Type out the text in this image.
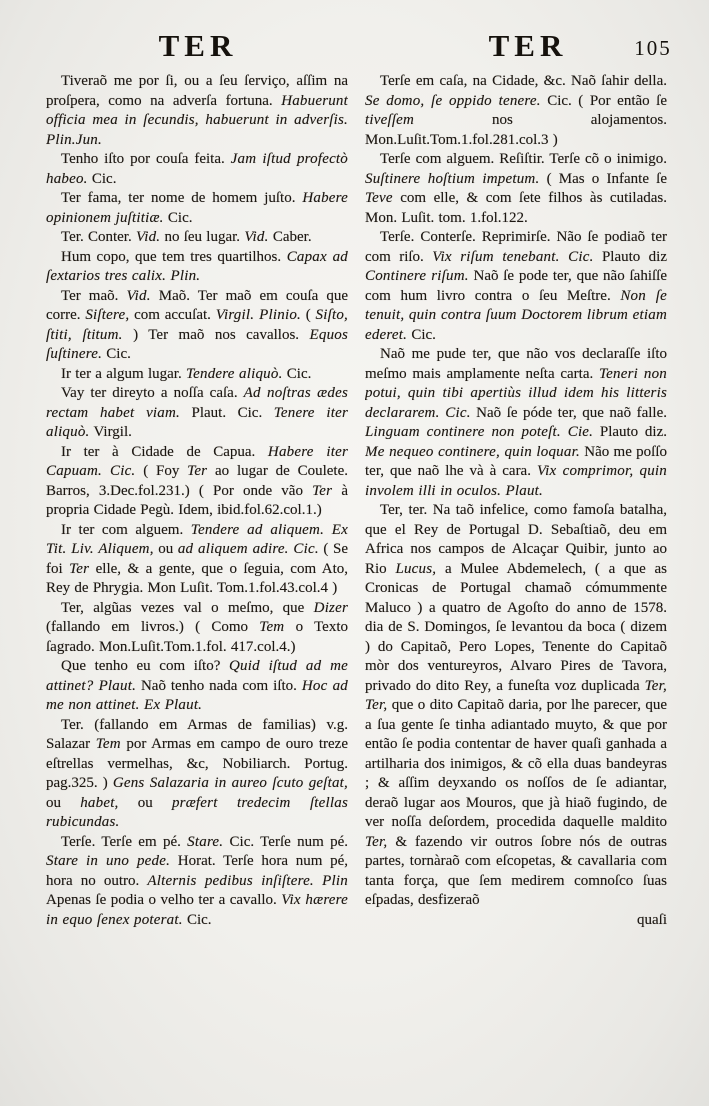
TER	TER	105

Tiveraõ me por ſi, ou a ſeu ſerviço, aſſim na proſpera, como na adverſa fortuna. Habuerunt officia mea in ſecundis, habuerunt in adverſis. Plin.Jun.

Tenho iſto por couſa feita. Jam iſtud profectò habeo. Cic.

Ter fama, ter nome de homem juſto. Habere opinionem juſtitiæ. Cic.

Ter. Conter. Vid. no ſeu lugar. Vid. Caber.

Hum copo, que tem tres quartilhos. Capax ad ſextarios tres calix. Plin.

Ter maõ. Vid. Maõ. Ter maõ em couſa que corre. Siſtere, com accuſat. Virgil. Plinio. ( Siſto, ſtiti, ſtitum. ) Ter maõ nos cavallos. Equos ſuſtinere. Cic.

Ir ter a algum lugar. Tendere aliquò. Cic.

Vay ter direyto a noſſa caſa. Ad noſtras ædes rectam habet viam. Plaut. Cic. Tenere iter aliquò. Virgil.

Ir ter à Cidade de Capua. Habere iter Capuam. Cic. ( Foy Ter ao lugar de Coulete. Barros, 3.Dec.fol.231.) ( Por onde vão Ter à propria Cidade Pegù. Idem, ibid.fol.62.col.1.)

Ir ter com alguem. Tendere ad aliquem. Ex Tit. Liv. Aliquem, ou ad aliquem adire. Cic. ( Se foi Ter elle, & a gente, que o ſeguia, com Ato, Rey de Phrygia. Mon Luſit. Tom.1.fol.43.col.4 )

Ter, algũas vezes val o meſmo, que Dizer (fallando em livros.) ( Como Tem o Texto ſagrado. Mon.Luſit.Tom.1.fol. 417.col.4.)

Que tenho eu com iſto? Quid iſtud ad me attinet? Plaut. Naõ tenho nada com iſto. Hoc ad me non attinet. Ex Plaut.

Ter. (fallando em Armas de familias) v.g. Salazar Tem por Armas em campo de ouro treze eſtrellas vermelhas, &c, Nobiliarch. Portug. pag.325. ) Gens Salazaria in aureo ſcuto geſtat, ou habet, ou præfert tredecim ſtellas rubicundas.

Terſe. Terſe em pé. Stare. Cic. Terſe num pé. Stare in uno pede. Horat. Terſe hora num pé, hora no outro. Alternis pedibus inſiſtere. Plin Apenas ſe podia o velho ter a cavallo. Vix hærere in equo ſenex poterat. Cic.

Terſe em caſa, na Cidade, &c. Naõ ſahir della. Se domo, ſe oppido tenere. Cic. ( Por então ſe tiveſſem nos alojamentos. Mon.Luſit.Tom.1.fol.281.col.3 )

Terſe com alguem. Reſiſtir. Terſe cõ o inimigo. Suſtinere hoſtium impetum. ( Mas o Infante ſe Teve com elle, & com ſete filhos às cutiladas. Mon. Luſit. tom. 1.fol.122.

Terſe. Conterſe. Reprimirſe. Não ſe podiaõ ter com riſo. Vix riſum tenebant. Cic. Plauto diz Continere riſum. Naõ ſe pode ter, que não ſahiſſe com hum livro contra o ſeu Meſtre. Non ſe tenuit, quin contra ſuum Doctorem librum etiam ederet. Cic.

Naõ me pude ter, que não vos declaraſſe iſto meſmo mais amplamente neſta carta. Teneri non potui, quin tibi apertiùs illud idem his litteris declararem. Cic. Naõ ſe póde ter, que naõ falle. Linguam continere non poteſt. Cie. Plauto diz. Me nequeo continere, quin loquar. Não me poſſo ter, que naõ lhe và à cara. Vix comprimor, quin involem illi in oculos. Plaut.

Ter, ter. Na taõ infelice, como famoſa batalha, que el Rey de Portugal D. Sebaſtiaõ, deu em Africa nos campos de Alcaçar Quibir, junto ao Rio Lucus, a Mulee Abdemelech, ( a que as Cronicas de Portugal chamaõ cómummente Maluco ) a quatro de Agoſto do anno de 1578. dia de S. Domingos, ſe levantou da boca ( dizem ) do Capitaõ, Pero Lopes, Tenente do Capitaõ mòr dos ventureyros, Alvaro Pires de Tavora, privado do dito Rey, a funeſta voz duplicada Ter, Ter, que o dito Capitaõ daria, por lhe parecer, que a ſua gente ſe tinha adiantado muyto, & que por então ſe podia contentar de haver quaſi ganhada a artilharia dos inimigos, & cõ ella duas bandeyras ; & aſſim deyxando os noſſos de ſe adiantar, deraõ lugar aos Mouros, que jà hiaõ fugindo, de ver noſſa deſordem, procedida daquelle maldito Ter, & fazendo vir outros ſobre nós de outras partes, tornàraõ com eſcopetas, & cavallaria com tanta força, que ſem medirem comnoſco ſuas eſpadas, desfizeraõ

quaſi
